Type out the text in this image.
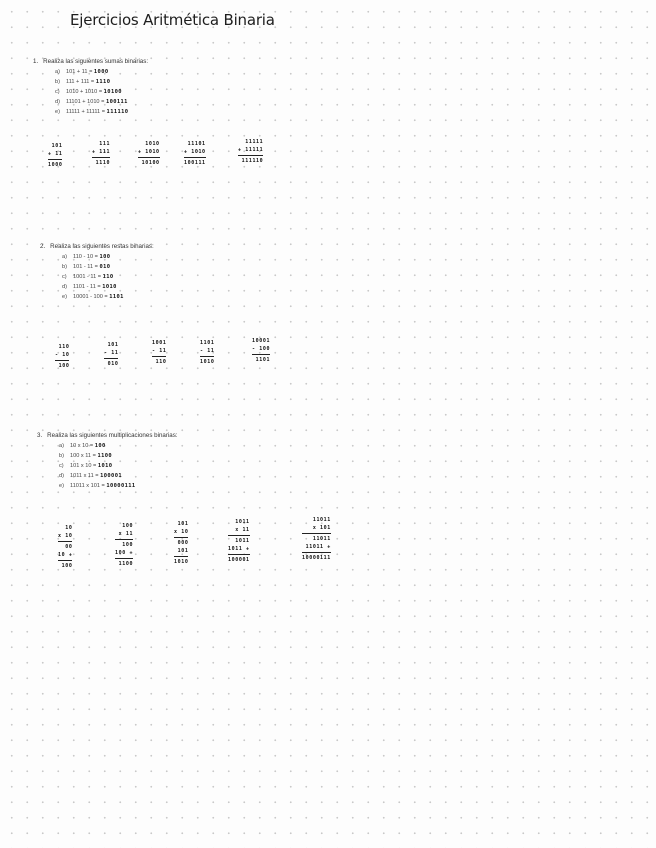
Ejercicios Aritmética Binaria
1. Realiza las siguientes sumas binarias:
a) 101 + 11 = 1000
b) 111 + 111 = 1110
c) 1010 + 1010 = 10100
d) 11101 + 1010 = 100111
e) 11111 + 11111 = 111110
101
+ 11
1000
111
+ 111
1110
1010
+ 1010
10100
11101
+ 1010
100111
11111
+ 11111
111110
2. Realiza las siguientes restas binarias:
a) 110 - 10 = 100
b) 101 - 11 = 010
c) 1001 - 11 = 110
d) 1101 - 11 = 1010
e) 10001 - 100 = 1101
110
- 10
100
101
- 11
010
1001
- 11
110
1101
- 11
1010
10001
- 100
1101
3. Realiza las siguientes multiplicaciones binarias:
a) 10 x 10 = 100
b) 100 x 11 = 1100
c) 101 x 10 = 1010
d) 1011 x 11 = 100001
e) 11011 x 101 = 10000111
10
x 10
00
10 +
100
100
x 11
100
100 +
1100
101
x 10
000
101
1010
1011
x 11
1011
1011 +
100001
11011
x 101
11011
11011 +
10000111
